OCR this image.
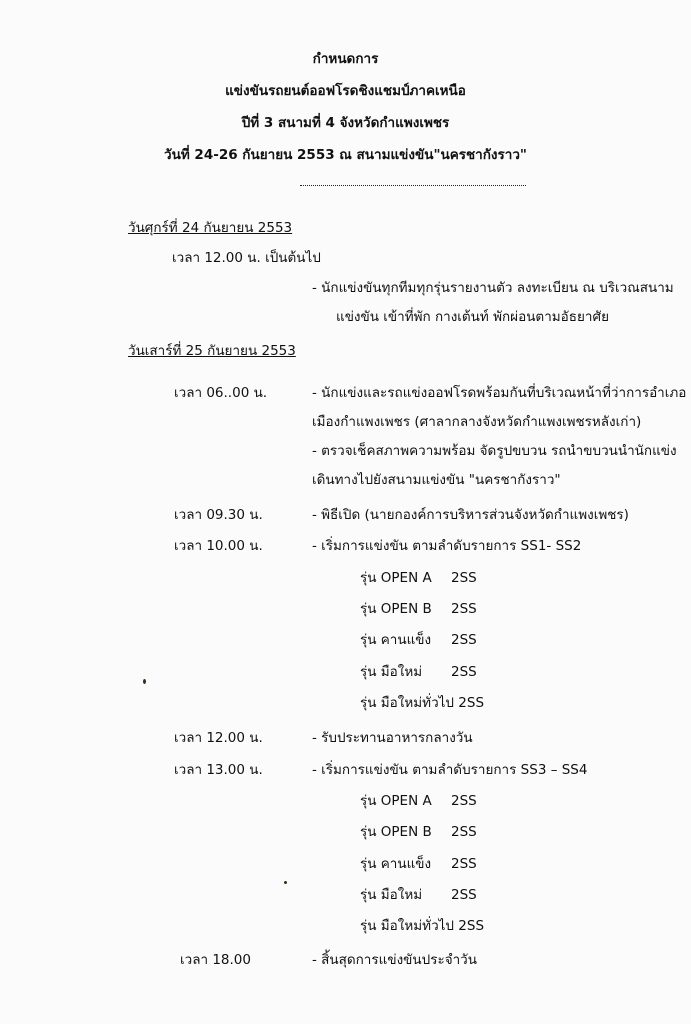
กำหนดการ
แข่งขันรถยนต์ออฟโรดชิงแชมป์ภาคเหนือ
ปีที่ 3 สนามที่ 4 จังหวัดกำแพงเพชร
วันที่ 24-26 กันยายน 2553 ณ สนามแข่งขัน"นครชากังราว"
วันศุกร์ที่ 24 กันยายน 2553
เวลา 12.00 น. เป็นต้นไป
- นักแข่งขันทุกทีมทุกรุ่นรายงานตัว ลงทะเบียน ณ บริเวณสนาม
แข่งขัน เข้าที่พัก กางเต้นท์ พักผ่อนตามอัธยาศัย
วันเสาร์ที่ 25 กันยายน 2553
เวลา 06..00 น.	- นักแข่งและรถแข่งออฟโรดพร้อมกันที่บริเวณหน้าที่ว่าการอำเภอ
เมืองกำแพงเพชร (ศาลากลางจังหวัดกำแพงเพชรหลังเก่า)
- ตรวจเช็คสภาพความพร้อม จัดรูปขบวน รถนำขบวนนำนักแข่ง
เดินทางไปยังสนามแข่งขัน "นครชากังราว"
เวลา 09.30 น.	- พิธีเปิด (นายกองค์การบริหารส่วนจังหวัดกำแพงเพชร)
เวลา 10.00 น.	- เริ่มการแข่งขัน ตามลำดับรายการ SS1- SS2
รุ่น OPEN A 2SS
รุ่น OPEN B 2SS
รุ่น คานแข็ง 2SS
รุ่น มือใหม่ 2SS
รุ่น มือใหม่ทั่วไป 2SS
เวลา 12.00 น.	- รับประทานอาหารกลางวัน
เวลา 13.00 น.	- เริ่มการแข่งขัน ตามลำดับรายการ SS3 – SS4
รุ่น OPEN A 2SS
รุ่น OPEN B 2SS
รุ่น คานแข็ง 2SS
รุ่น มือใหม่ 2SS
รุ่น มือใหม่ทั่วไป 2SS
เวลา 18.00	- สิ้นสุดการแข่งขันประจำวัน
